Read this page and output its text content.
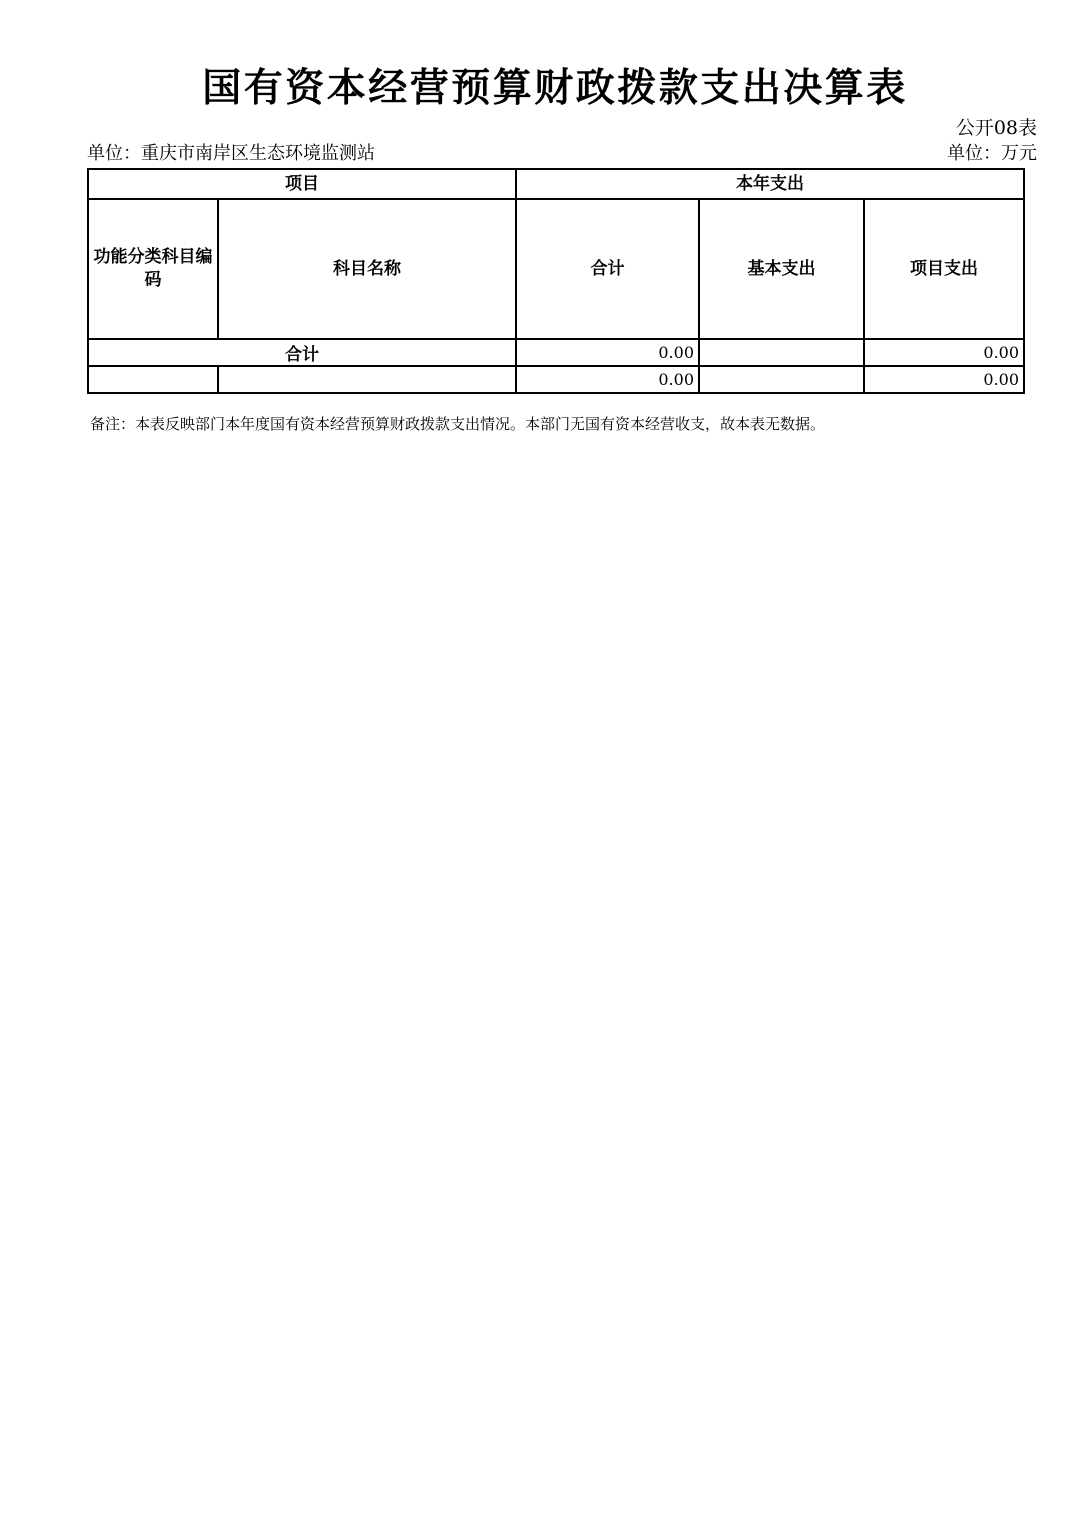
国有资本经营预算财政拨款支出决算表
公开08表
单位：重庆市南岸区生态环境监测站	单位：万元
项目		本年支出		
功能分类科目编码	科目名称	合计	基本支出	项目支出
合计		0.00		0.00
		0.00		0.00

备注：本表反映部门本年度国有资本经营预算财政拨款支出情况。本部门无国有资本经营收支，故本表无数据。
